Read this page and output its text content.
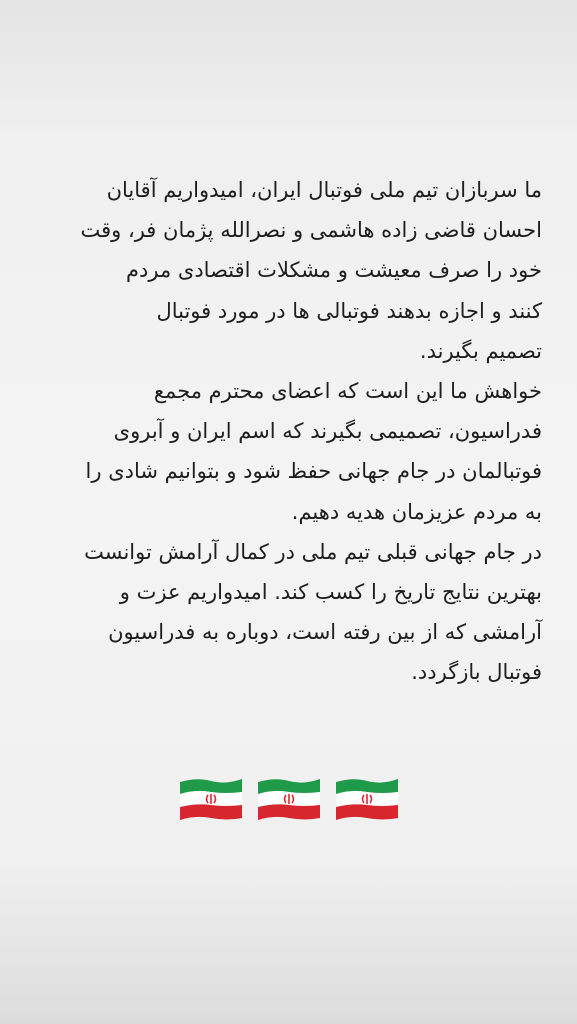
ما سربازان تیم ملی فوتبال ایران، امیدواریم آقایان
احسان قاضی زاده هاشمی و نصرالله پژمان فر، وقت
خود را صرف معیشت و مشکلات اقتصادی مردم
کنند و اجازه بدهند فوتبالی ها در مورد فوتبال
تصمیم بگیرند.
خواهش ما این است که اعضای محترم مجمع
فدراسیون، تصمیمی بگیرند که اسم ایران و آبروی
فوتبالمان در جام جهانی حفظ شود و بتوانیم شادی را
به مردم عزیزمان هدیه دهیم.
در جام جهانی قبلی تیم ملی در کمال آرامش توانست
بهترین نتایج تاریخ را کسب کند. امیدواریم عزت و
آرامشی که از بین رفته است، دوباره به فدراسیون
فوتبال بازگردد.
